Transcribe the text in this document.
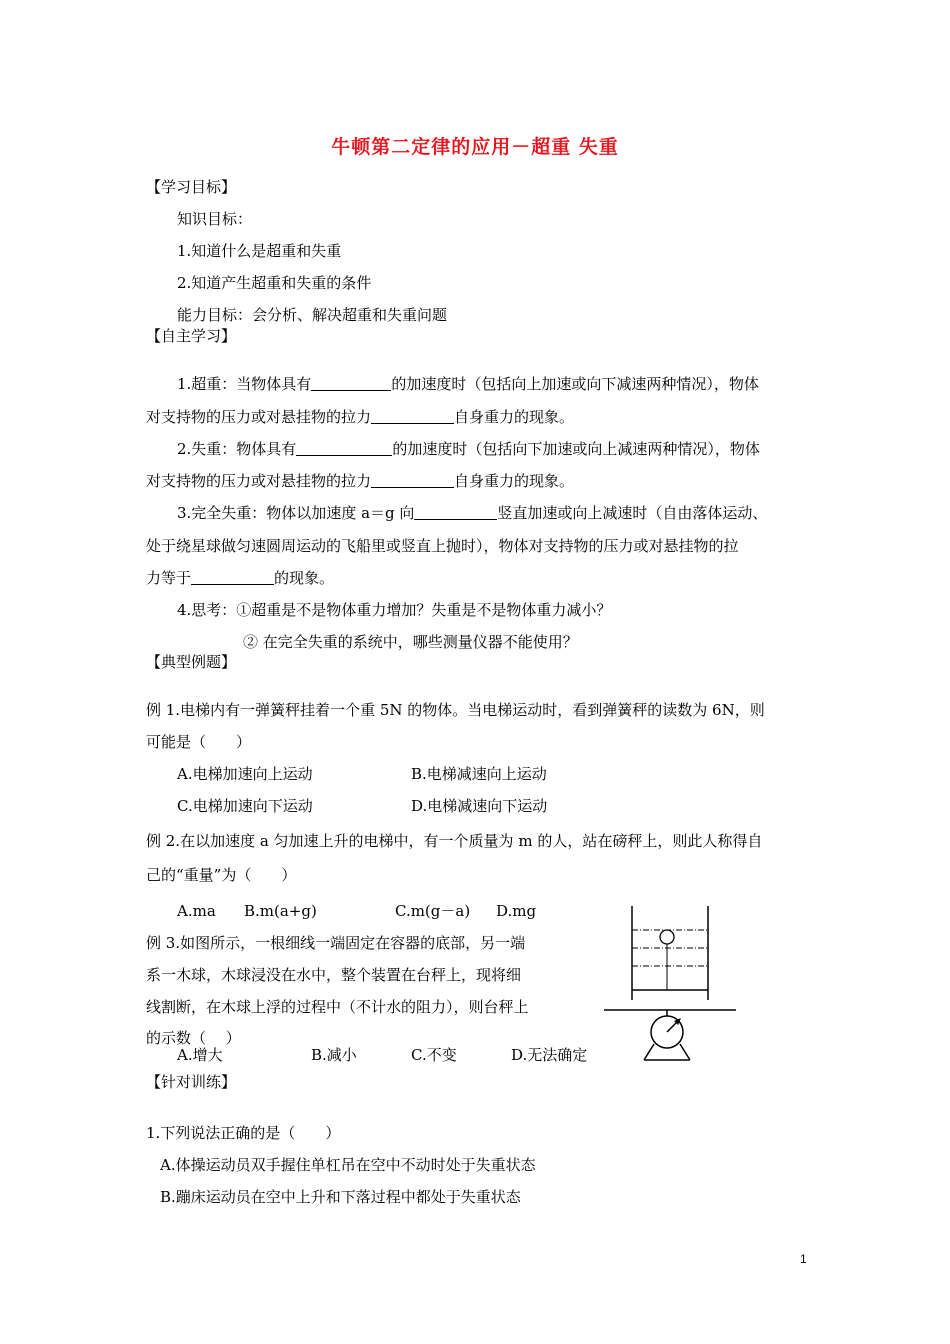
牛顿第二定律的应用－超重 失重
【学习目标】
知识目标：
1.知道什么是超重和失重
2.知道产生超重和失重的条件
能力目标：会分析、解决超重和失重问题
【自主学习】
1.超重：当物体具有	的加速度时（包括向上加速或向下减速两种情况），物体
对支持物的压力或对悬挂物的拉力	自身重力的现象。
2.失重：物体具有	的加速度时（包括向下加速或向上减速两种情况），物体
对支持物的压力或对悬挂物的拉力	自身重力的现象。
3.完全失重：物体以加速度 a＝g 向	竖直加速或向上减速时（自由落体运动、
处于绕星球做匀速圆周运动的飞船里或竖直上抛时），物体对支持物的压力或对悬挂物的拉
力等于	的现象。
4.思考：①超重是不是物体重力增加？失重是不是物体重力减小？
② 在完全失重的系统中，哪些测量仪器不能使用？
【典型例题】
例 1.电梯内有一弹簧秤挂着一个重 5N 的物体。当电梯运动时，看到弹簧秤的读数为 6N，则
可能是（　　）
A.电梯加速向上运动	B.电梯减速向上运动
C.电梯加速向下运动	D.电梯减速向下运动
例 2.在以加速度 a 匀加速上升的电梯中，有一个质量为 m 的人，站在磅秤上，则此人称得自
己的“重量”为（　　）
A.ma B.m(a+g)	C.m(g－a) D.mg
例 3.如图所示，一根细线一端固定在容器的底部，另一端
系一木球，木球浸没在水中，整个装置在台秤上，现将细
线割断，在木球上浮的过程中（不计水的阻力），则台秤上
的示数（　 ）
A.增大	B.减小	C.不变	D.无法确定
【针对训练】
1.下列说法正确的是（　　）
A.体操运动员双手握住单杠吊在空中不动时处于失重状态
B.蹦床运动员在空中上升和下落过程中都处于失重状态
1
